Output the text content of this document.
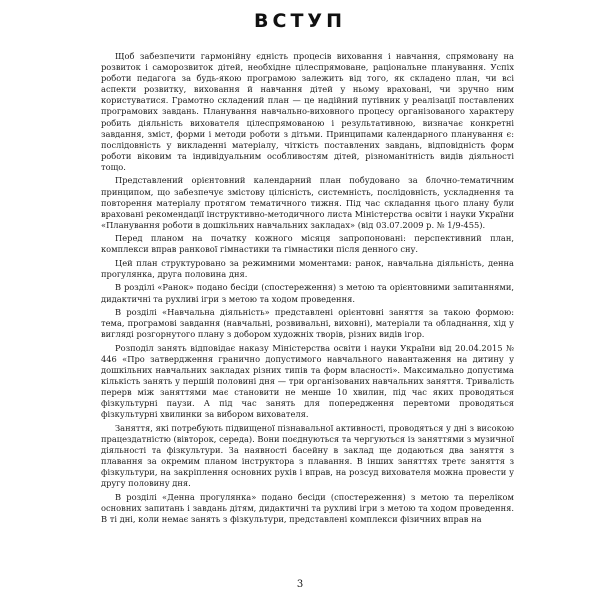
ВСТУП

Щоб забезпечити гармонійну єдність процесів виховання і навчання, спрямовану на розвиток і саморозвиток дітей, необхідне цілеспрямоване, раціональне планування. Успіх роботи педагога за будь-якою програмою залежить від того, як складено план, чи всі аспекти розвитку, виховання й навчання дітей у ньому враховані, чи зручно ним користуватися. Грамотно складений план — це надійний путівник у реалізації поставлених програмових завдань. Планування навчально-виховного процесу організованого характеру робить діяльність вихователя цілеспрямованою і результативною, визначає конкретні завдання, зміст, форми і методи роботи з дітьми. Принципами календарного планування є: послідовність у викладенні матеріалу, чіткість поставлених завдань, відповідність форм роботи віковим та індивідуальним особливостям дітей, різноманітність видів діяльності тощо.

Представлений орієнтовний календарний план побудовано за блочно-тематичним принципом, що забезпечує змістову цілісність, системність, послідовність, ускладнення та повторення матеріалу протягом тематичного тижня. Під час складання цього плану були враховані рекомендації інструктивно-методичного листа Міністерства освіти і науки України «Планування роботи в дошкільних навчальних закладах» (від 03.07.2009 р. № 1/9-455).

Перед планом на початку кожного місяця запропоновані: перспективний план, комплекси вправ ранкової гімнастики та гімнастики після денного сну.

Цей план структуровано за режимними моментами: ранок, навчальна діяльність, денна прогулянка, друга половина дня.

В розділі «Ранок» подано бесіди (спостереження) з метою та орієнтовними запитаннями, дидактичні та рухливі ігри з метою та ходом проведення.

В розділі «Навчальна діяльність» представлені орієнтовні заняття за такою формою: тема, програмові завдання (навчальні, розвивальні, виховні), матеріали та обладнання, хід у вигляді розгорнутого плану з добором художніх творів, різних видів ігор.

Розподіл занять відповідає наказу Міністерства освіти і науки України від 20.04.2015 № 446 «Про затвердження гранично допустимого навчального навантаження на дитину у дошкільних навчальних закладах різних типів та форм власності». Максимально допустима кількість занять у першій половині дня — три організованих навчальних заняття. Тривалість перерв між заняттями має становити не менше 10 хвилин, під час яких проводяться фізкультурні паузи. А під час занять для попередження перевтоми проводяться фізкультурні хвилинки за вибором вихователя.

Заняття, які потребують підвищеної пізнавальної активності, проводяться у дні з високою працездатністю (вівторок, середа). Вони поєднуються та чергуються із заняттями з музичної діяльності та фізкультури. За наявності басейну в заклад ще додаються два заняття з плавання за окремим планом інструктора з плавання. В інших заняттях третє заняття з фізкультури, на закріплення основних рухів і вправ, на розсуд вихователя можна провести у другу половину дня.

В розділі «Денна прогулянка» подано бесіди (спостереження) з метою та переліком основних запитань і завдань дітям, дидактичні та рухливі ігри з метою та ходом проведення. В ті дні, коли немає занять з фізкультури, представлені комплекси фізичних вправ на

3
